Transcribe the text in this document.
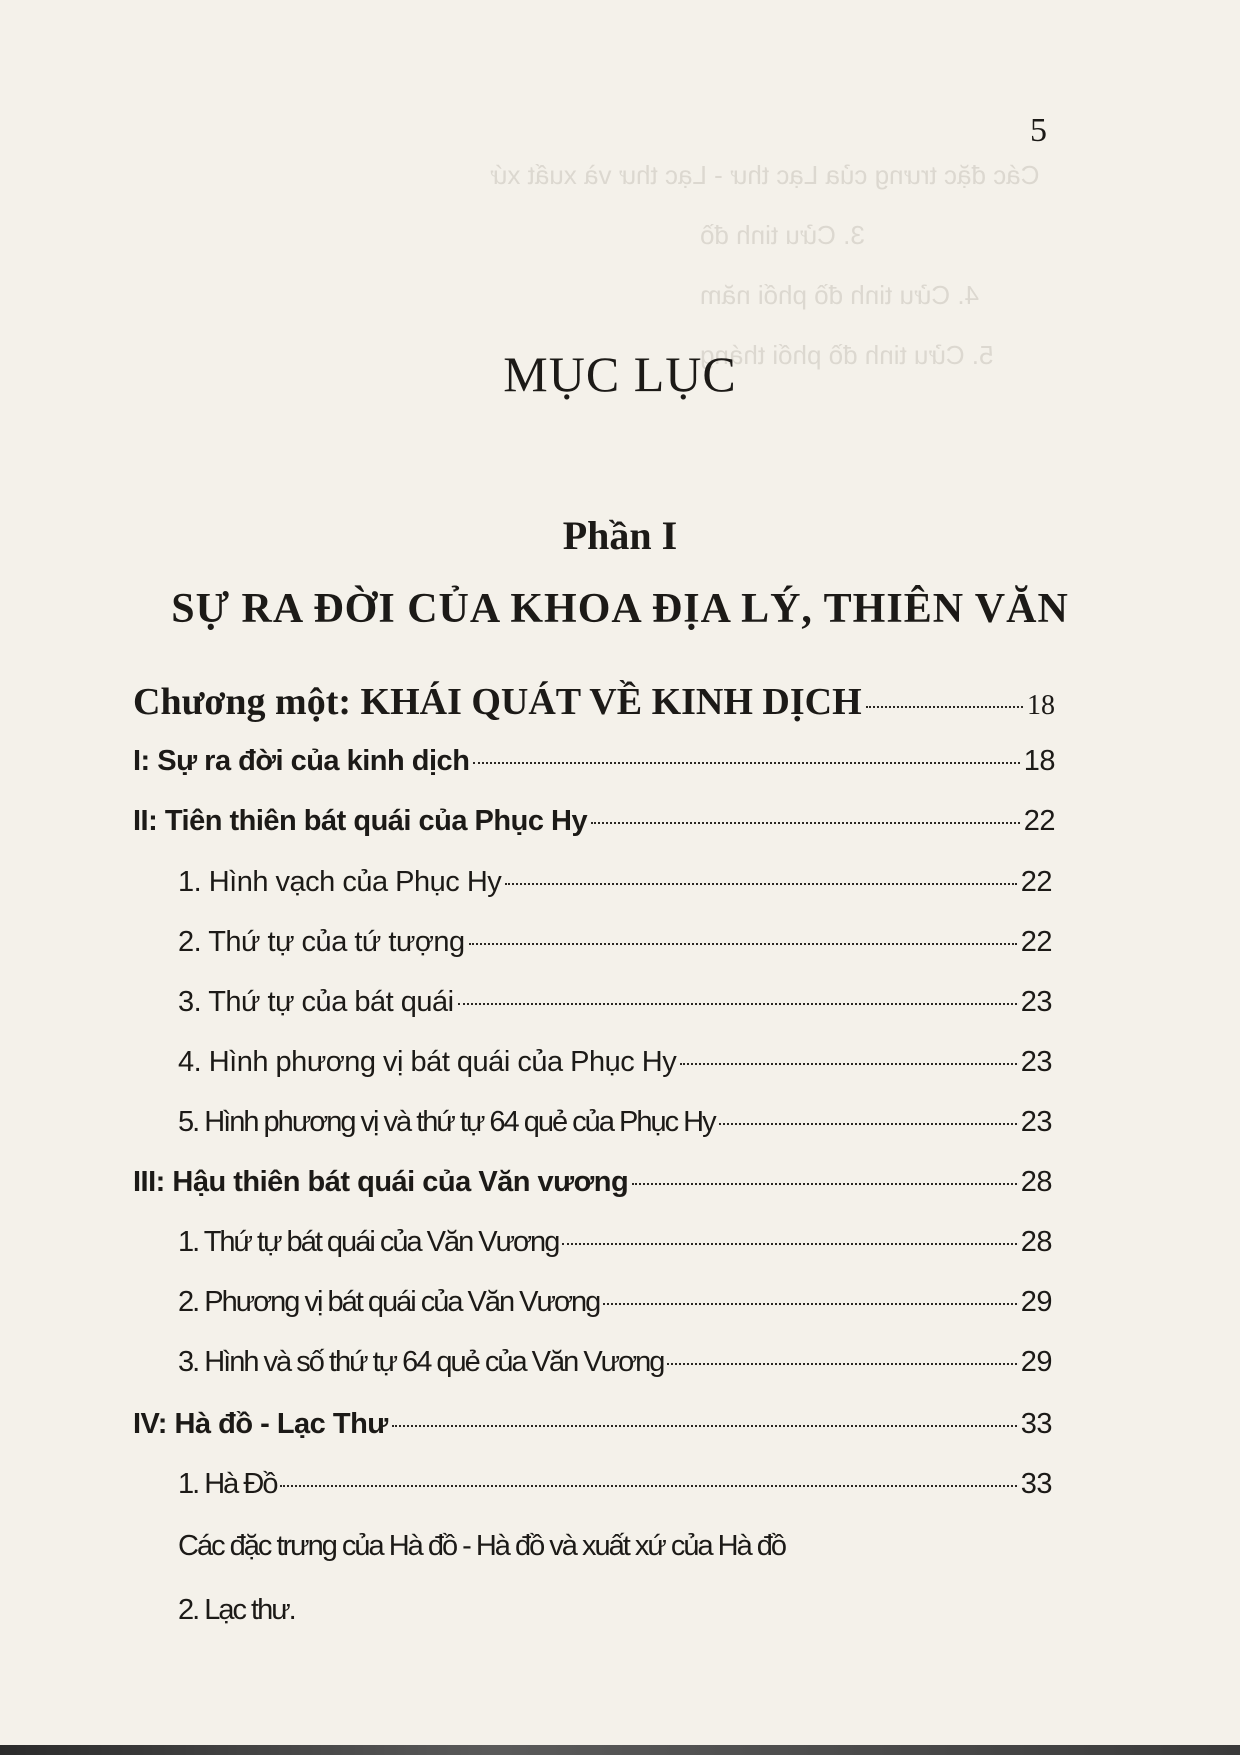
5
Các đặc trưng của Lạc thư - Lạc thư và xuất xứ
3. Cửu tinh đồ
4. Cửu tinh đồ phối năm
5. Cửu tinh đồ phối tháng
MỤC LỤC
Phần I
SỰ RA ĐỜI CỦA KHOA ĐỊA LÝ, THIÊN VĂN
Chương một: KHÁI QUÁT VỀ KINH DỊCH	18
I: Sự ra đời của kinh dịch	18
II: Tiên thiên bát quái của Phục Hy	22
1. Hình vạch của Phục Hy	22
2. Thứ tự của tứ tượng	22
3. Thứ tự của bát quái	23
4. Hình phương vị bát quái của Phục Hy	23
5. Hình phương vị và thứ tự 64 quẻ của Phục Hy	23
III: Hậu thiên bát quái của Văn vương	28
1. Thứ tự bát quái của Văn Vương	28
2. Phương vị bát quái của Văn Vương	29
3. Hình và số thứ tự 64 quẻ của Văn Vương	29
IV: Hà đồ - Lạc Thư	33
1. Hà Đồ	33
Các đặc trưng của Hà đồ - Hà đồ và xuất xứ của Hà đồ
2. Lạc thư.
